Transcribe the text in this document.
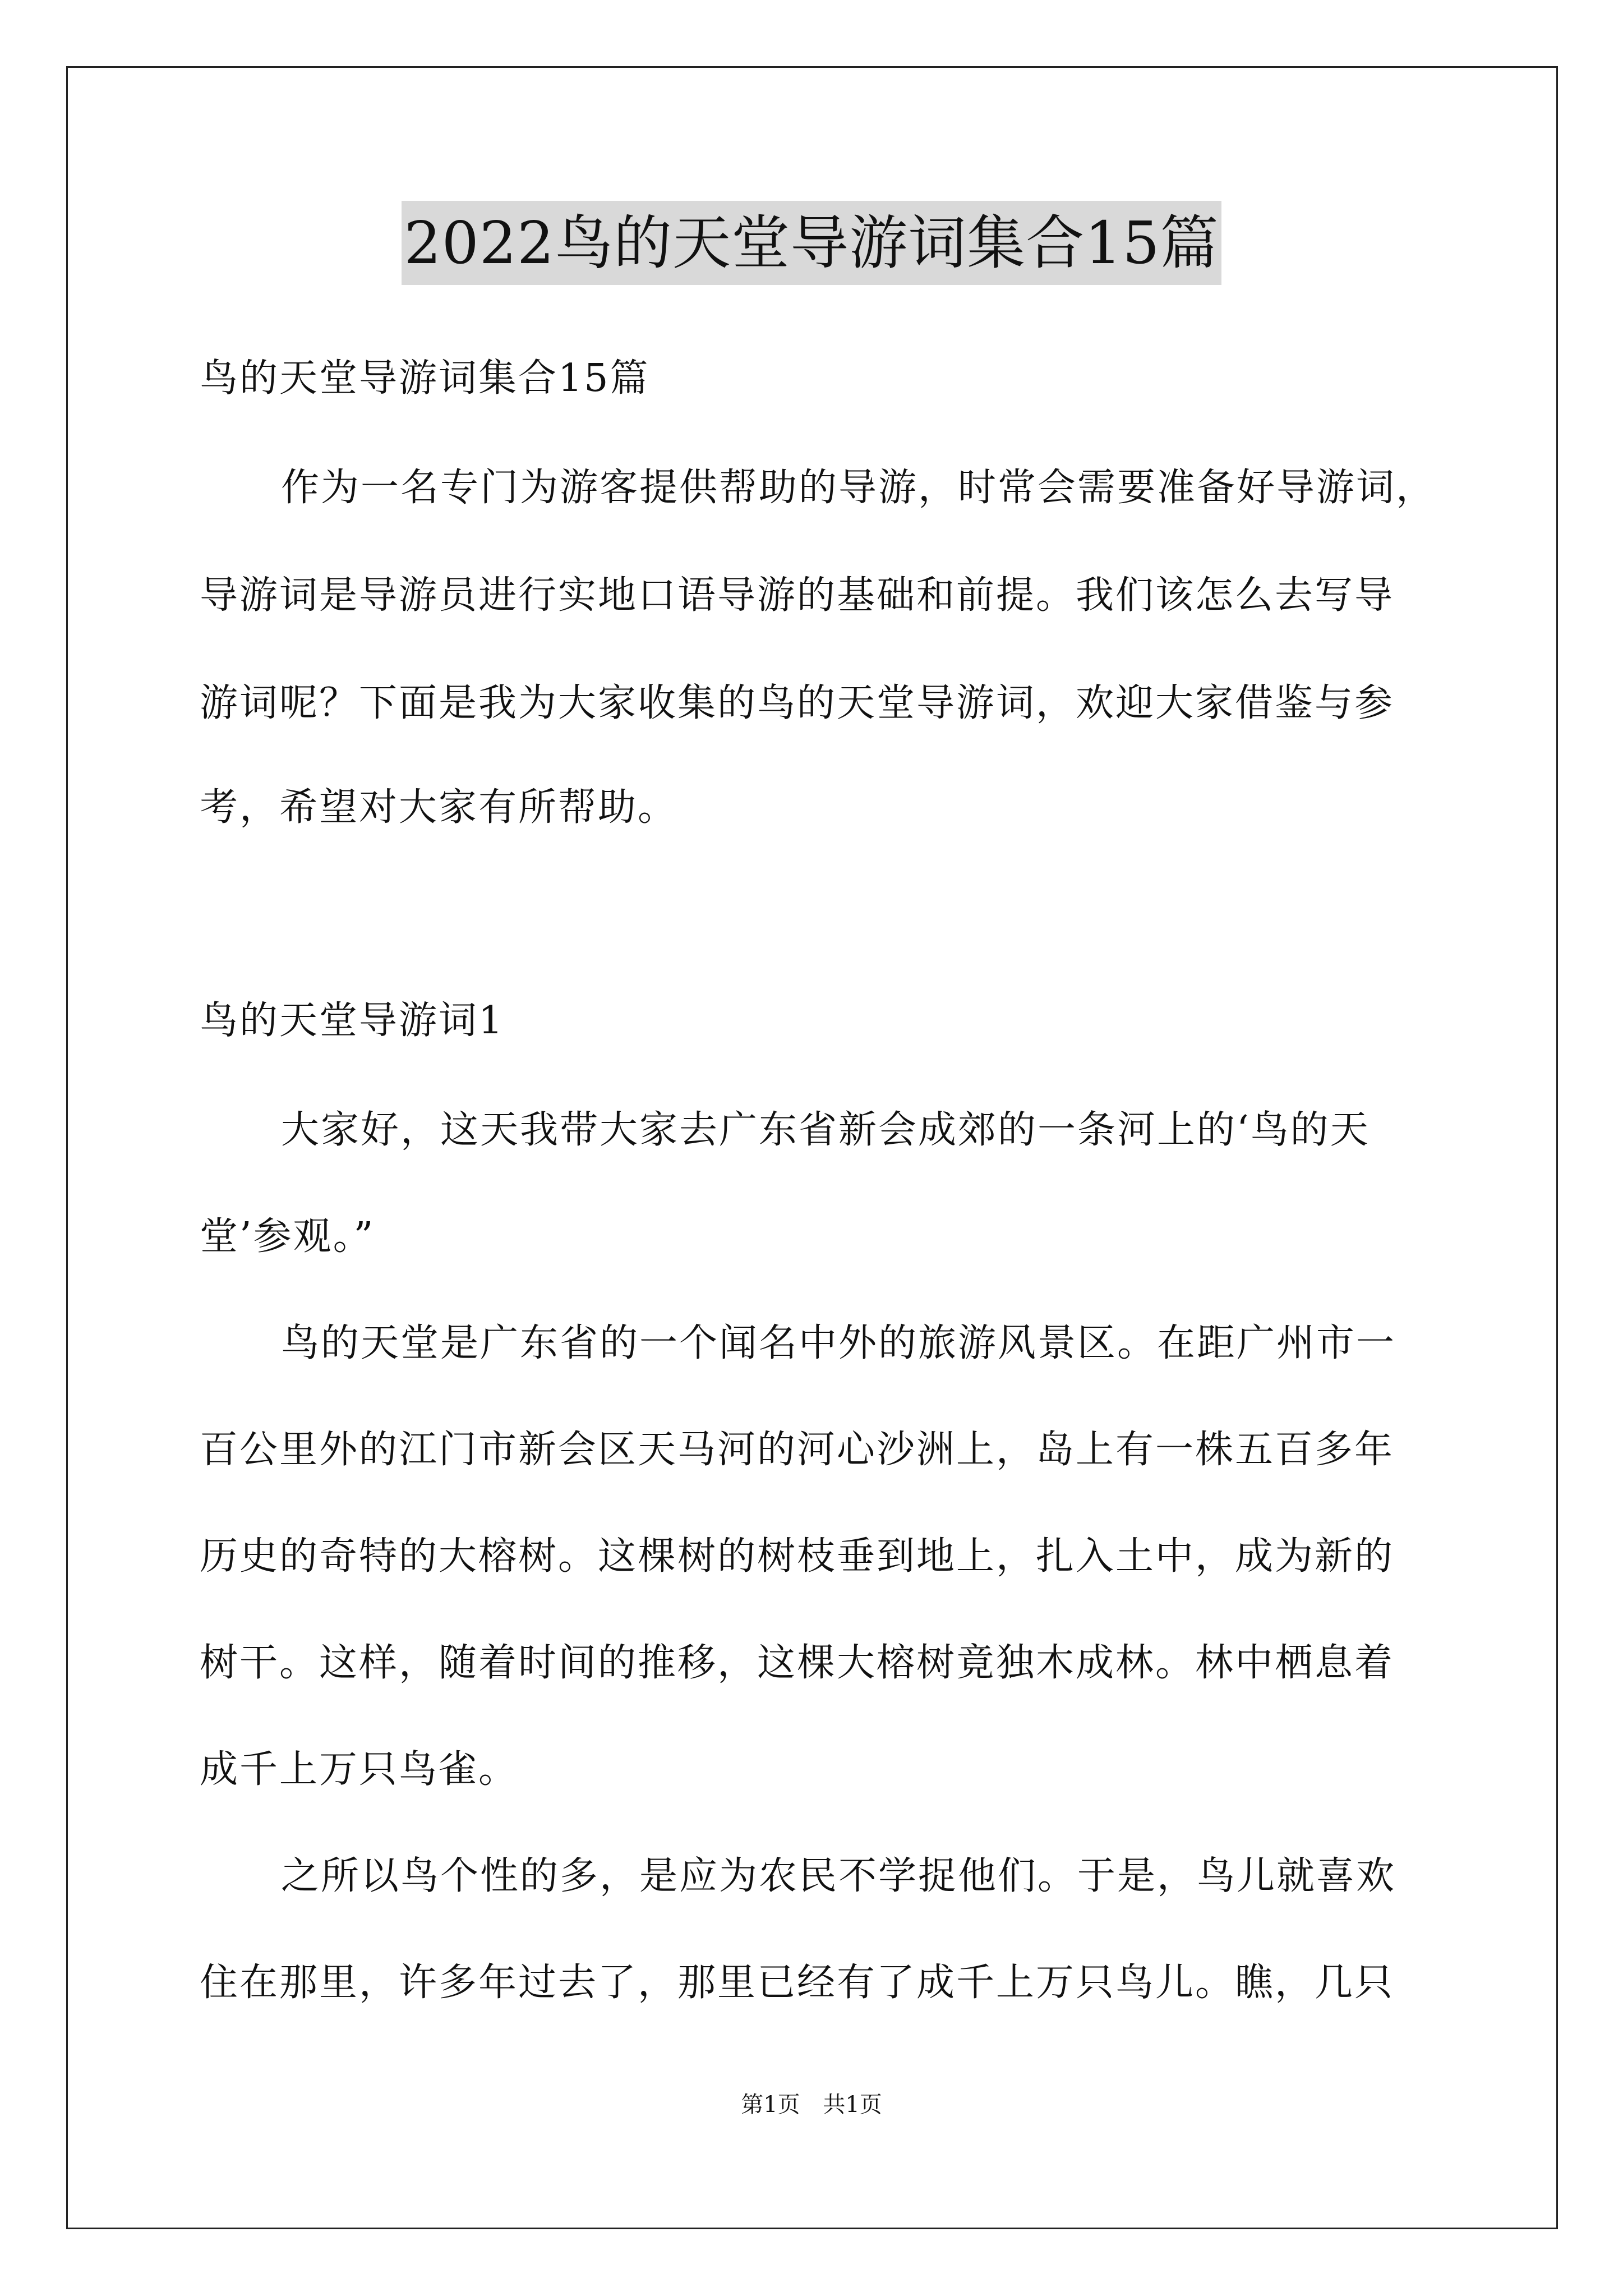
2022鸟的天堂导游词集合15篇
鸟的天堂导游词集合15篇
作为一名专门为游客提供帮助的导游，时常会需要准备好导游词，
导游词是导游员进行实地口语导游的基础和前提。我们该怎么去写导
游词呢？下面是我为大家收集的鸟的天堂导游词，欢迎大家借鉴与参
考，希望对大家有所帮助。
鸟的天堂导游词1
大家好，这天我带大家去广东省新会成郊的一条河上的‘鸟的天
堂’参观。”
鸟的天堂是广东省的一个闻名中外的旅游风景区。在距广州市一
百公里外的江门市新会区天马河的河心沙洲上，岛上有一株五百多年
历史的奇特的大榕树。这棵树的树枝垂到地上，扎入土中，成为新的
树干。这样，随着时间的推移，这棵大榕树竟独木成林。林中栖息着
成千上万只鸟雀。
之所以鸟个性的多，是应为农民不学捉他们。于是，鸟儿就喜欢
住在那里，许多年过去了，那里已经有了成千上万只鸟儿。瞧，几只
第1页 共1页
